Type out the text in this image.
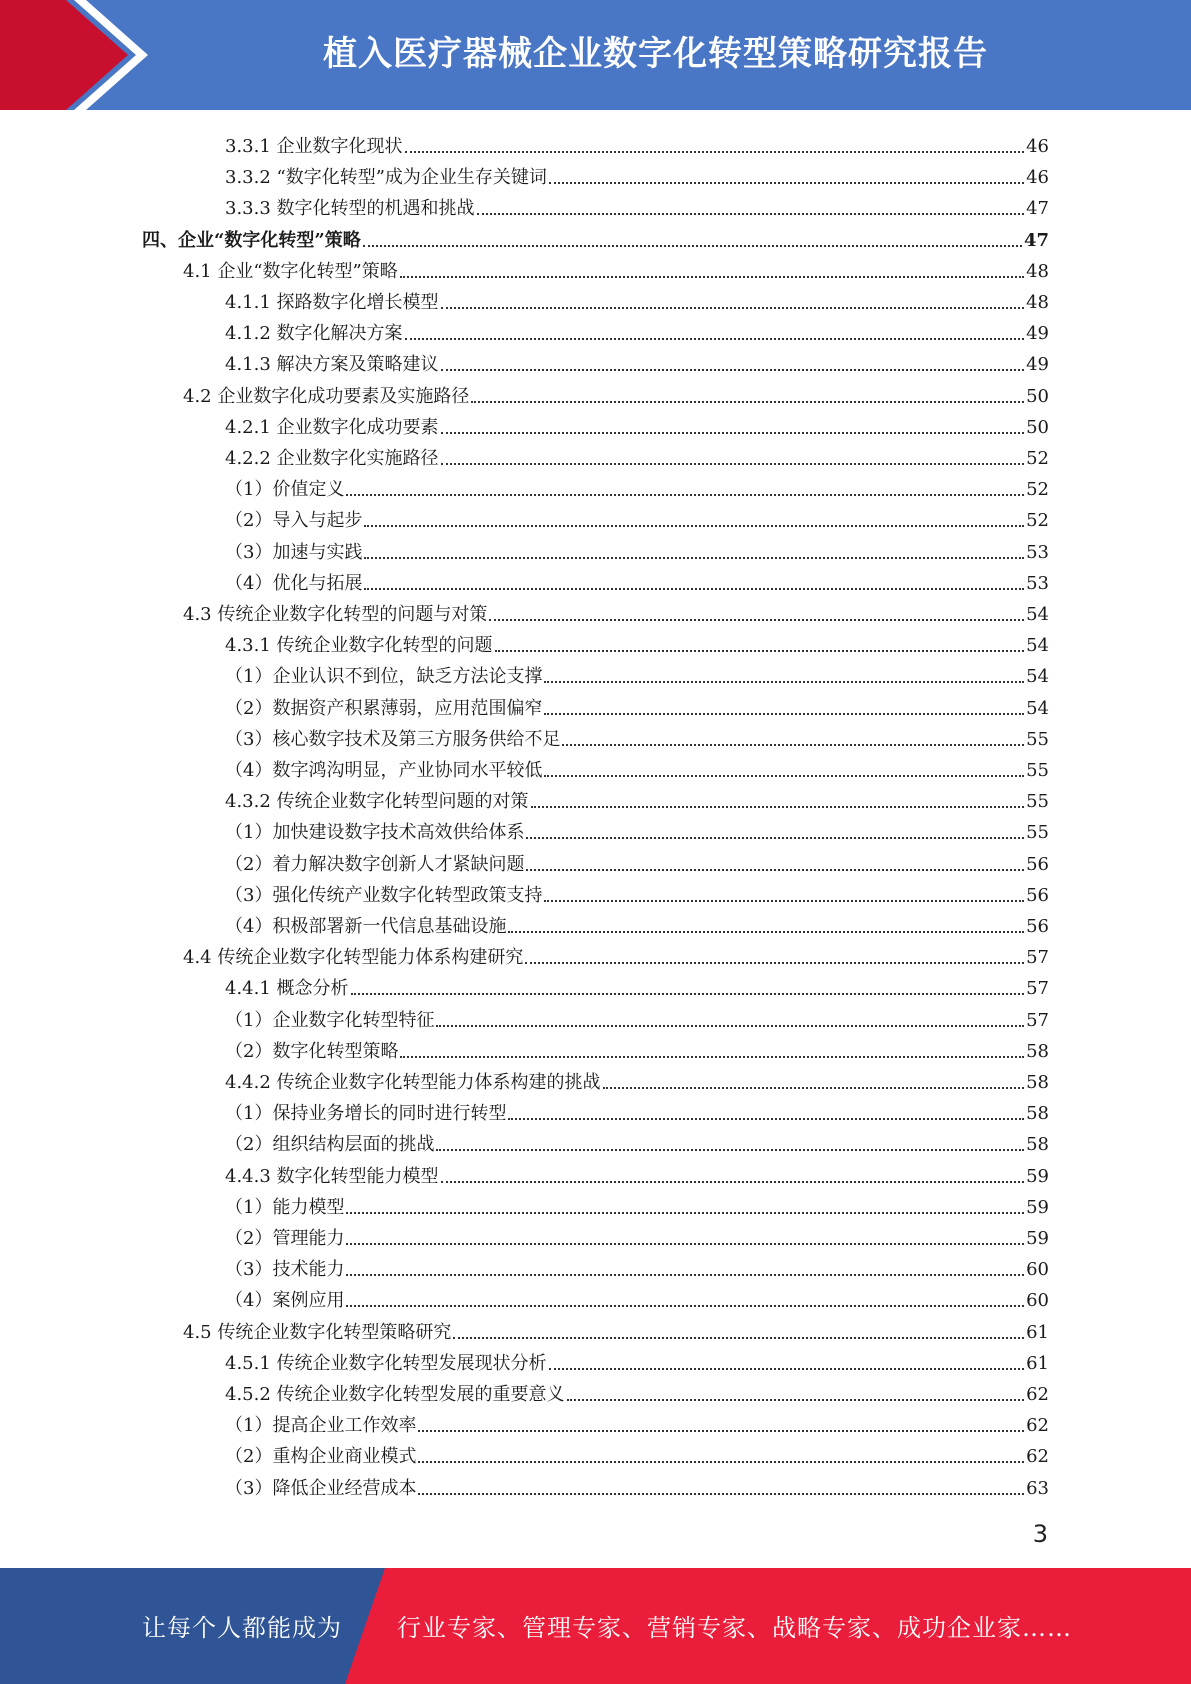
植入医疗器械企业数字化转型策略研究报告
3.3.1 企业数字化现状	46
3.3.2 “数字化转型”成为企业生存关键词	46
3.3.3 数字化转型的机遇和挑战	47
四、企业“数字化转型”策略	47
4.1 企业“数字化转型”策略	48
4.1.1 探路数字化增长模型	48
4.1.2 数字化解决方案	49
4.1.3 解决方案及策略建议	49
4.2 企业数字化成功要素及实施路径	50
4.2.1 企业数字化成功要素	50
4.2.2 企业数字化实施路径	52
（1）价值定义	52
（2）导入与起步	52
（3）加速与实践	53
（4）优化与拓展	53
4.3 传统企业数字化转型的问题与对策	54
4.3.1 传统企业数字化转型的问题	54
（1）企业认识不到位，缺乏方法论支撑	54
（2）数据资产积累薄弱，应用范围偏窄	54
（3）核心数字技术及第三方服务供给不足	55
（4）数字鸿沟明显，产业协同水平较低	55
4.3.2 传统企业数字化转型问题的对策	55
（1）加快建设数字技术高效供给体系	55
（2）着力解决数字创新人才紧缺问题	56
（3）强化传统产业数字化转型政策支持	56
（4）积极部署新一代信息基础设施	56
4.4 传统企业数字化转型能力体系构建研究	57
4.4.1 概念分析	57
（1）企业数字化转型特征	57
（2）数字化转型策略	58
4.4.2 传统企业数字化转型能力体系构建的挑战	58
（1）保持业务增长的同时进行转型	58
（2）组织结构层面的挑战	58
4.4.3 数字化转型能力模型	59
（1）能力模型	59
（2）管理能力	59
（3）技术能力	60
（4）案例应用	60
4.5 传统企业数字化转型策略研究	61
4.5.1 传统企业数字化转型发展现状分析	61
4.5.2 传统企业数字化转型发展的重要意义	62
（1）提高企业工作效率	62
（2）重构企业商业模式	62
（3）降低企业经营成本	63
3
让每个人都能成为 行业专家、管理专家、营销专家、战略专家、成功企业家……
